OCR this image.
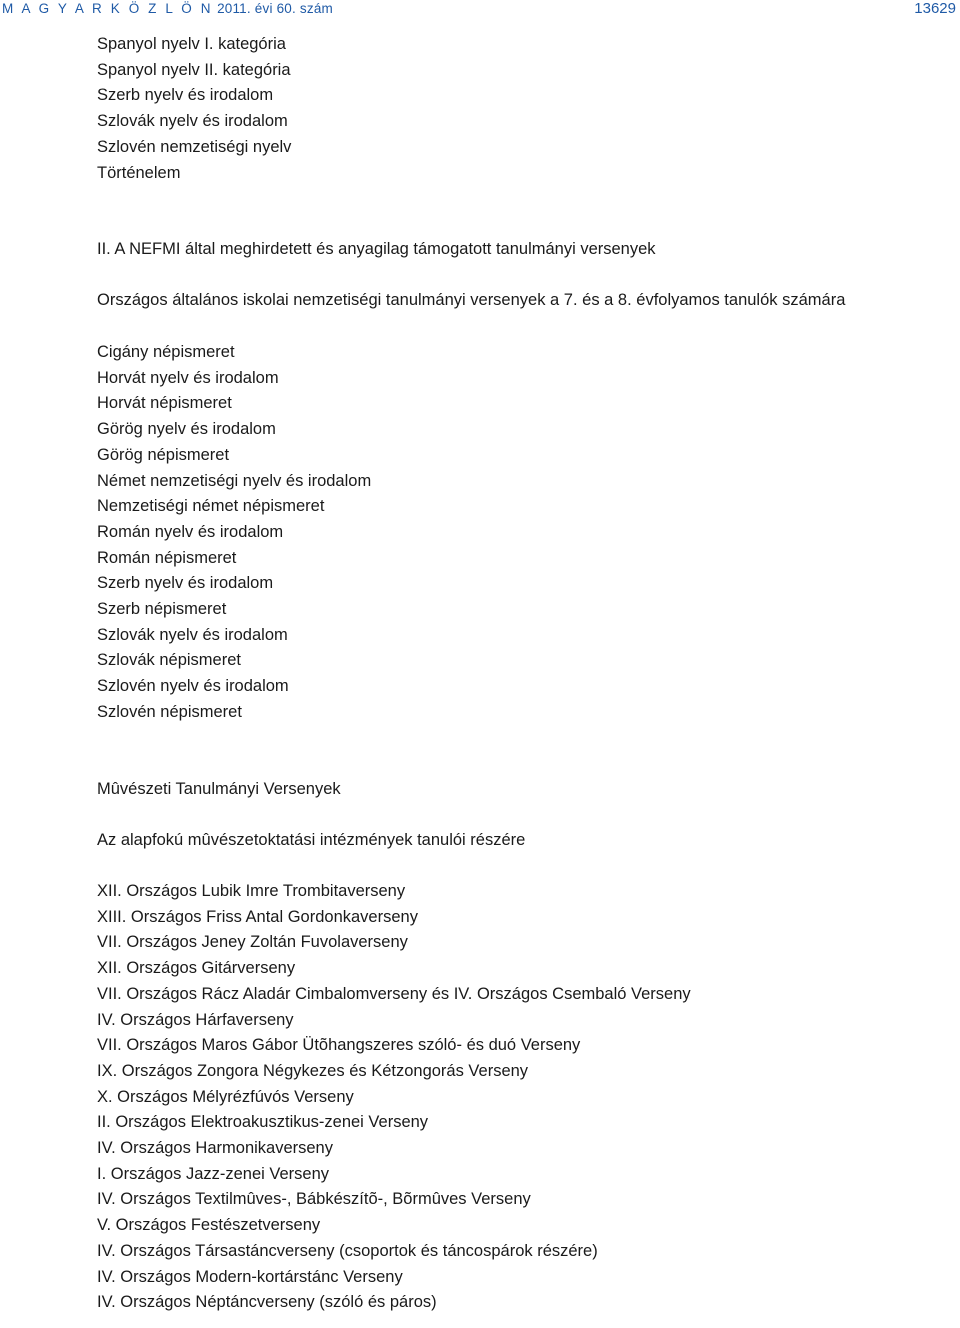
M A G Y A R K Ö Z L Ö N 2011. évi 60. szám	13629
Spanyol nyelv I. kategória
Spanyol nyelv II. kategória
Szerb nyelv és irodalom
Szlovák nyelv és irodalom
Szlovén nemzetiségi nyelv
Történelem
II. A NEFMI által meghirdetett és anyagilag támogatott tanulmányi versenyek
Országos általános iskolai nemzetiségi tanulmányi versenyek a 7. és a 8. évfolyamos tanulók számára
Cigány népismeret
Horvát nyelv és irodalom
Horvát népismeret
Görög nyelv és irodalom
Görög népismeret
Német nemzetiségi nyelv és irodalom
Nemzetiségi német népismeret
Román nyelv és irodalom
Román népismeret
Szerb nyelv és irodalom
Szerb népismeret
Szlovák nyelv és irodalom
Szlovák népismeret
Szlovén nyelv és irodalom
Szlovén népismeret
Mûvészeti Tanulmányi Versenyek
Az alapfokú mûvészetoktatási intézmények tanulói részére
XII. Országos Lubik Imre Trombitaverseny
XIII. Országos Friss Antal Gordonkaverseny
VII. Országos Jeney Zoltán Fuvolaverseny
XII. Országos Gitárverseny
VII. Országos Rácz Aladár Cimbalomverseny és IV. Országos Csembaló Verseny
IV. Országos Hárfaverseny
VII. Országos Maros Gábor Ütõhangszeres szóló- és duó Verseny
IX. Országos Zongora Négykezes és Kétzongorás Verseny
X. Országos Mélyrézfúvós Verseny
II. Országos Elektroakusztikus-zenei Verseny
IV. Országos Harmonikaverseny
I. Országos Jazz-zenei Verseny
IV. Országos Textilmûves-, Bábkészítõ-, Bõrmûves Verseny
V. Országos Festészetverseny
IV. Országos Társastáncverseny (csoportok és táncospárok részére)
IV. Országos Modern-kortárstánc Verseny
IV. Országos Néptáncverseny (szóló és páros)
